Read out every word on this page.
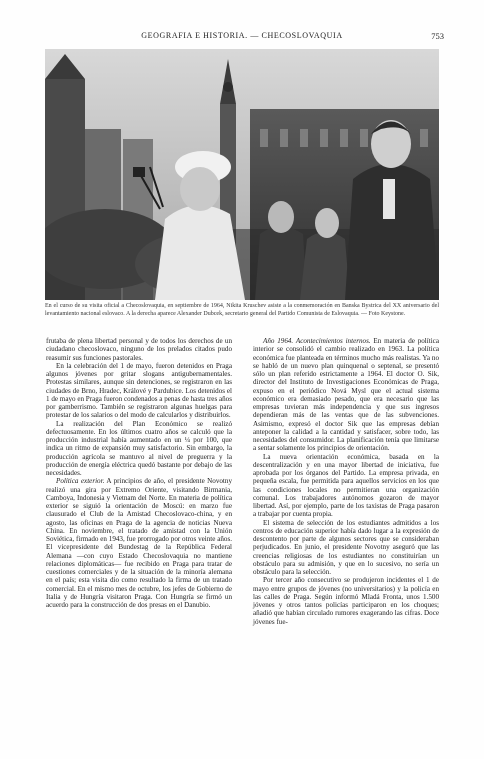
GEOGRAFIA E HISTORIA. — CHECOSLOVAQUIA	753
En el curso de su visita oficial a Checoslovaquia, en septiembre de 1964, Nikita Kruschev asiste a la conmemoración en Banska Bystrica del XX aniversario del levantamiento nacional eslovaco. A la derecha aparece Alexander Dubcek, secretario general del Partido Comunista de Eslovaquia. — Foto Keystone.

frutaba de plena libertad personal y de todos los derechos de un ciudadano checoslovaco, ninguno de los prelados citados pudo reasumir sus funciones pastorales.

En la celebración del 1 de mayo, fueron detenidos en Praga algunos jóvenes por gritar slogans antigubernamentales. Protestas similares, aunque sin detenciones, se registraron en las ciudades de Brno, Hradec, Králové y Pardubice. Los detenidos el 1 de mayo en Praga fueron condenados a penas de hasta tres años por gamberrismo. También se registraron algunas huelgas para protestar de los salarios o del modo de calcularlos y distribuirlos.

La realización del Plan Económico se realizó defectuosamente. En los últimos cuatro años se calculó que la producción industrial había aumentado en un ¼ por 100, que indica un ritmo de expansión muy satisfactorio. Sin embargo, la producción agrícola se mantuvo al nivel de preguerra y la producción de energía eléctrica quedó bastante por debajo de las necesidades.

Política exterior. A principios de año, el presidente Novotny realizó una gira por Extremo Oriente, visitando Birmania, Camboya, Indonesia y Vietnam del Norte. En materia de política exterior se siguió la orientación de Moscú: en marzo fue clausurado el Club de la Amistad Checoslovaco-china, y en agosto, las oficinas en Praga de la agencia de noticias Nueva China. En noviembre, el tratado de amistad con la Unión Soviética, firmado en 1943, fue prorrogado por otros veinte años. El vicepresidente del Bundestag de la República Federal Alemana —con cuyo Estado Checoslovaquia no mantiene relaciones diplomáticas— fue recibido en Praga para tratar de cuestiones comerciales y de la situación de la minoría alemana en el país; esta visita dio como resultado la firma de un tratado comercial. En el mismo mes de octubre, los jefes de Gobierno de Italia y de Hungría visitaron Praga. Con Hungría se firmó un acuerdo para la construcción de dos presas en el Danubio.

Año 1964. Acontecimientos internos. En materia de política interior se consolidó el cambio realizado en 1963. La política económica fue planteada en términos mucho más realistas. Ya no se habló de un nuevo plan quinquenal o septenal, se presentó sólo un plan referido estrictamente a 1964. El doctor O. Sik, director del Instituto de Investigaciones Económicas de Praga, expuso en el periódico Nová Mysl que el actual sistema económico era demasiado pesado, que era necesario que las empresas tuvieran más independencia y que sus ingresos dependieran más de las ventas que de las subvenciones. Asimismo, expresó el doctor Sik que las empresas debían anteponer la calidad a la cantidad y satisfacer, sobre todo, las necesidades del consumidor. La planificación tenía que limitarse a sentar solamente los principios de orientación.

La nueva orientación económica, basada en la descentralización y en una mayor libertad de iniciativa, fue aprobada por los órganos del Partido. La empresa privada, en pequeña escala, fue permitida para aquellos servicios en los que las condiciones locales no permitieran una organización comunal. Los trabajadores autónomos gozaron de mayor libertad. Así, por ejemplo, parte de los taxistas de Praga pasaron a trabajar por cuenta propia.

El sistema de selección de los estudiantes admitidos a los centros de educación superior había dado lugar a la expresión de descontento por parte de algunos sectores que se consideraban perjudicados. En junio, el presidente Novotny aseguró que las creencias religiosas de los estudiantes no constituirían un obstáculo para su admisión, y que en lo sucesivo, no sería un obstáculo para la selección.

Por tercer año consecutivo se produjeron incidentes el 1 de mayo entre grupos de jóvenes (no universitarios) y la policía en las calles de Praga. Según informó Mladá Fronta, unos 1.500 jóvenes y otros tantos policías participaron en los choques; añadió que habían circulado rumores exagerando las cifras. Doce jóvenes fue-
